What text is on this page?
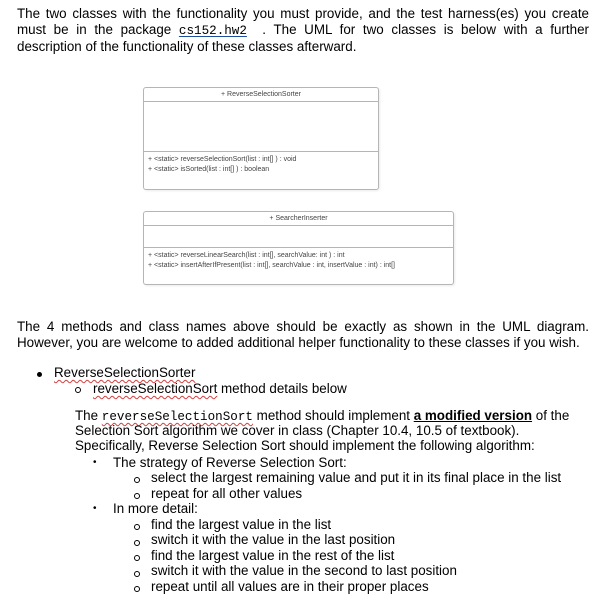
The two classes with the functionality you must provide, and the test harness(es) you create must be in the package cs152.hw2 . The UML for two classes is below with a further description of the functionality of these classes afterward.
+ ReverseSelectionSorter
+ <static> reverseSelectionSort(list : int[] ) : void
+ <static> isSorted(list : int[] ) : boolean
+ SearcherInserter
+ <static> reverseLinearSearch(list : int[], searchValue: int ) : int
+ <static> insertAfterIfPresent(list : int[], searchValue : int, insertValue : int) : int[]
The 4 methods and class names above should be exactly as shown in the UML diagram. However, you are welcome to added additional helper functionality to these classes if you wish.
ReverseSelectionSorter
reverseSelectionSort method details below
The reverseSelectionSort method should implement a modified version of the
Selection Sort algorithm we cover in class (Chapter 10.4, 10.5 of textbook).
Specifically, Reverse Selection Sort should implement the following algorithm:
• The strategy of Reverse Selection Sort:
select the largest remaining value and put it in its final place in the list
repeat for all other values
• In more detail:
find the largest value in the list
switch it with the value in the last position
find the largest value in the rest of the list
switch it with the value in the second to last position
repeat until all values are in their proper places
